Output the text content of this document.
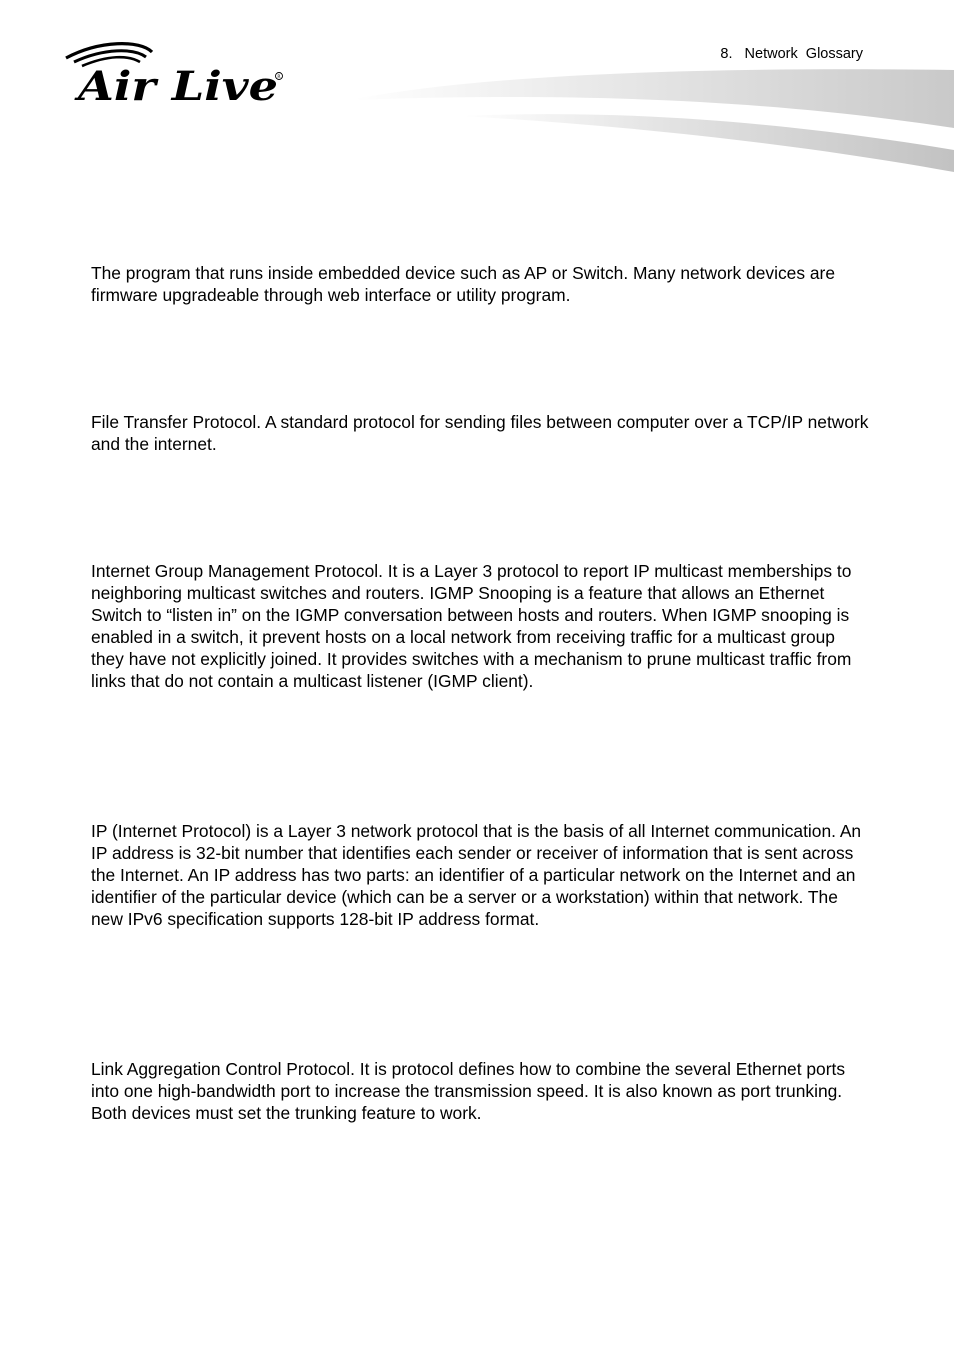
Air Live R
8.   Network  Glossary

The program that runs inside embedded device such as AP or Switch. Many network devices are firmware upgradeable through web interface or utility program.

File Transfer Protocol. A standard protocol for sending files between computer over a TCP/IP network and the internet.

Internet Group Management Protocol. It is a Layer 3 protocol to report IP multicast memberships to neighboring multicast switches and routers. IGMP Snooping is a feature that allows an Ethernet Switch to “listen in” on the IGMP conversation between hosts and routers. When IGMP snooping is enabled in a switch, it prevent hosts on a local network from receiving traffic for a multicast group they have not explicitly joined. It provides switches with a mechanism to prune multicast traffic from links that do not contain a multicast listener (IGMP client).

IP (Internet Protocol) is a Layer 3 network protocol that is the basis of all Internet communication. An IP address is 32-bit number that identifies each sender or receiver of information that is sent across the Internet. An IP address has two parts: an identifier of a particular network on the Internet and an identifier of the particular device (which can be a server or a workstation) within that network. The new IPv6 specification supports 128-bit IP address format.

Link Aggregation Control Protocol. It is protocol defines how to combine the several Ethernet ports into one high-bandwidth port to increase the transmission speed. It is also known as port trunking. Both devices must set the trunking feature to work.
